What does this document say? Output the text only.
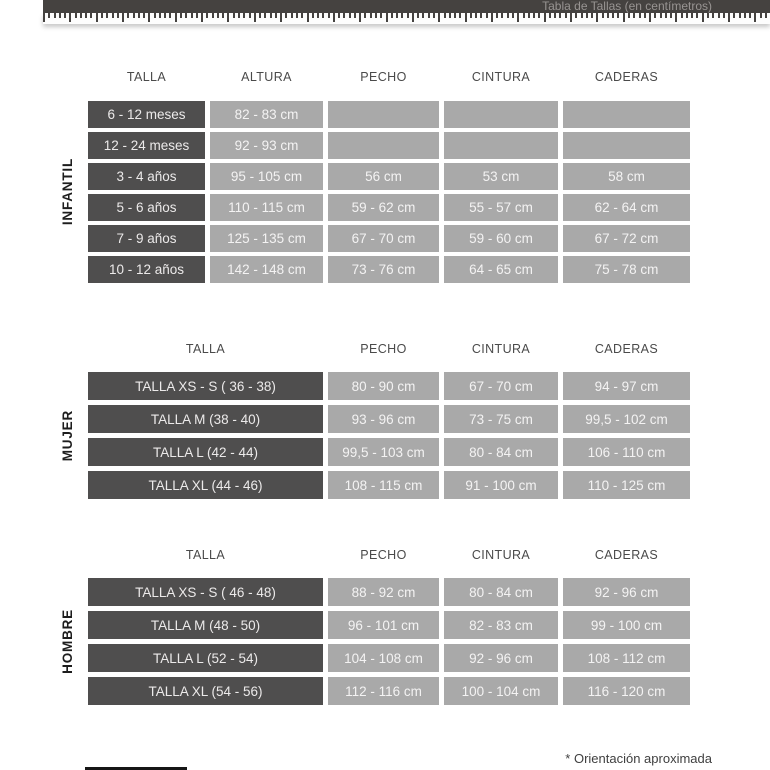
Tabla de Tallas (en centímetros)
INFANTIL
TALLA	ALTURA	PECHO	CINTURA	CADERAS
6 - 12 meses	82 - 83 cm
12 - 24 meses	92 - 93 cm
3 - 4 años	95 - 105 cm	56 cm	53 cm	58 cm
5 - 6 años	110 - 115 cm	59 - 62 cm	55 - 57 cm	62 - 64 cm
7 - 9 años	125 - 135 cm	67 - 70 cm	59 - 60 cm	67 - 72 cm
10 - 12 años	142 - 148 cm	73 - 76 cm	64 - 65 cm	75 - 78 cm
MUJER
TALLA	PECHO	CINTURA	CADERAS
TALLA XS - S ( 36 - 38)	80 - 90 cm	67 - 70 cm	94 - 97 cm
TALLA M (38 - 40)	93 - 96 cm	73 - 75 cm	99,5 - 102 cm
TALLA L (42 - 44)	99,5 - 103 cm	80 - 84 cm	106 - 110 cm
TALLA XL (44 - 46)	108 - 115 cm	91 - 100 cm	110 - 125 cm
HOMBRE
TALLA	PECHO	CINTURA	CADERAS
TALLA XS - S ( 46 - 48)	88 - 92 cm	80 - 84 cm	92 - 96 cm
TALLA M (48 - 50)	96 - 101 cm	82 - 83 cm	99 - 100 cm
TALLA L (52 - 54)	104 - 108 cm	92 - 96 cm	108 - 112 cm
TALLA XL (54 - 56)	112 - 116 cm	100 - 104 cm	116 - 120 cm
* Orientación aproximada
